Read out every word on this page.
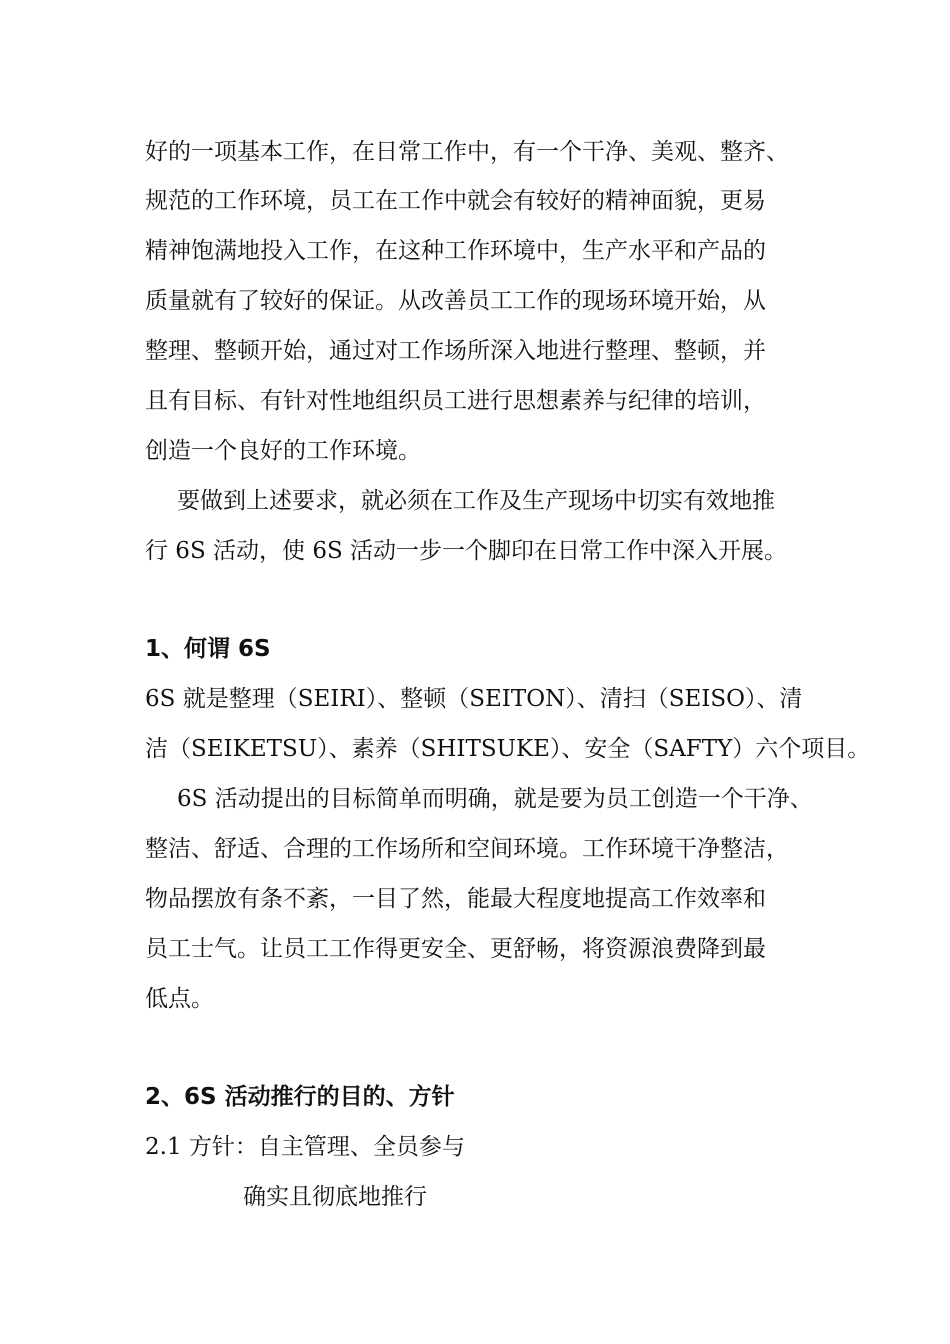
好的一项基本工作，在日常工作中，有一个干净、美观、整齐、
规范的工作环境，员工在工作中就会有较好的精神面貌，更易
精神饱满地投入工作，在这种工作环境中，生产水平和产品的
质量就有了较好的保证。从改善员工工作的现场环境开始，从
整理、整顿开始，通过对工作场所深入地进行整理、整顿，并
且有目标、有针对性地组织员工进行思想素养与纪律的培训，
创造一个良好的工作环境。
要做到上述要求，就必须在工作及生产现场中切实有效地推
行 6S 活动，使 6S 活动一步一个脚印在日常工作中深入开展。
1、何谓 6S
6S 就是整理（SEIRI）、整顿（SEITON）、清扫（SEISO）、清
洁（SEIKETSU）、素养（SHITSUKE）、安全（SAFTY）六个项目。
6S 活动提出的目标简单而明确，就是要为员工创造一个干净、
整洁、舒适、合理的工作场所和空间环境。工作环境干净整洁，
物品摆放有条不紊，一目了然，能最大程度地提高工作效率和
员工士气。让员工工作得更安全、更舒畅，将资源浪费降到最
低点。
2、6S 活动推行的目的、方针
2.1 方针：自主管理、全员参与
确实且彻底地推行
